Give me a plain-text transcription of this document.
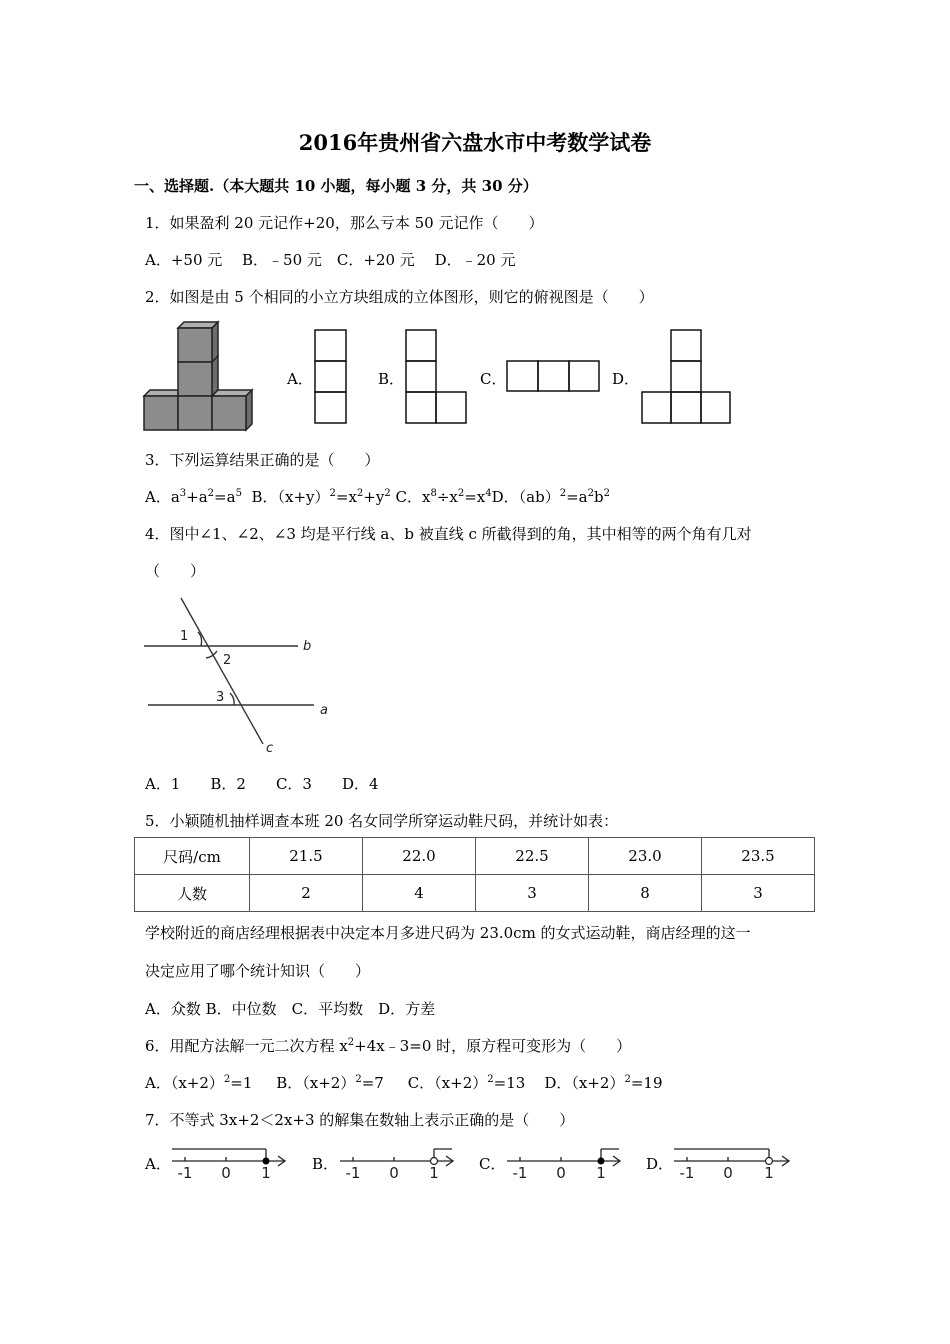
2016年贵州省六盘水市中考数学试卷
一、选择题.（本大题共 10 小题，每小题 3 分，共 30 分）
1．如果盈利 20 元记作+20，那么亏本 50 元记作（　　）
A．+50 元　 B．﹣50 元　C．+20 元　 D．﹣20 元
2．如图是由 5 个相同的小立方块组成的立体图形，则它的俯视图是（　　）
A．	B．	C．	D．
3．下列运算结果正确的是（　　）
A．$a^3+a^2=a^5$ B．$(x+y)^2=x^2+y^2$ C．$x^8\div x^2=x^4D$．$(ab)^2=a^2b^2$
4．图中∠1、∠2、∠3 均是平行线 a、b 被直线 c 所截得到的角，其中相等的两个角有几对
（　　）
1
2
3
b
a
c
A．1　　B．2　　C．3　　D．4
5．小颖随机抽样调查本班 20 名女同学所穿运动鞋尺码，并统计如表：
尺码/cm	21.5	22.0	22.5	23.0	23.5
人数	2	4	3	8	3
学校附近的商店经理根据表中决定本月多进尺码为 23.0cm 的女式运动鞋，商店经理的这一
决定应用了哪个统计知识（　　）
A．众数 B．中位数　C．平均数　D．方差
6．用配方法解一元二次方程 $x^2+4x﹣3=0$ 时，原方程可变形为（　　）
A．$(x+2)^2=1$ B．$(x+2)^2=7$ C．$(x+2)^2=13$ D．$(x+2)^2=19$
7．不等式 3x+2＜2x+3 的解集在数轴上表示正确的是（　　）
A． -1 0 1	B． -1 0 1	C． -1 0 1	D． -1 0 1
